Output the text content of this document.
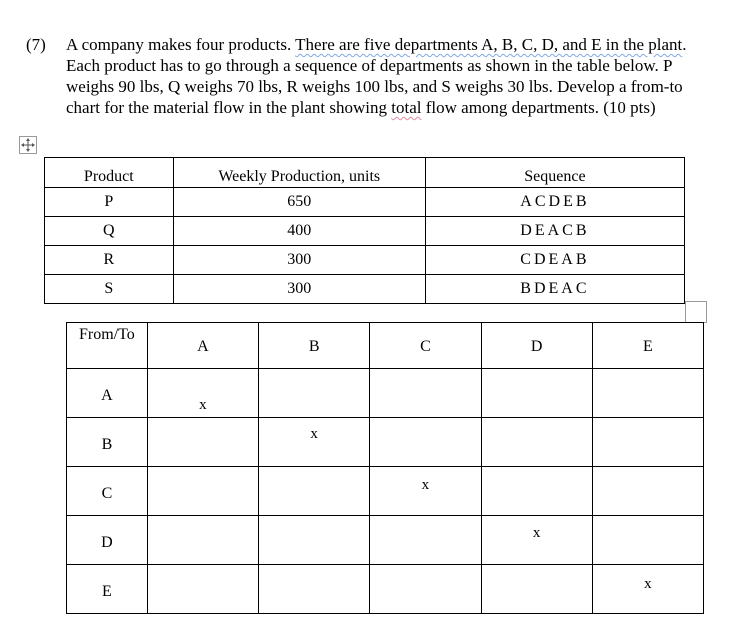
(7) A company makes four products. There are five departments A, B, C, D, and E in the plant. Each product has to go through a sequence of departments as shown in the table below. P weighs 90 lbs, Q weighs 70 lbs, R weighs 100 lbs, and S weighs 30 lbs. Develop a from-to chart for the material flow in the plant showing total flow among departments. (10 pts)
Product	Weekly Production, units	Sequence
P	650	ACDEB
Q	400	DEACB
R	300	CDEAB
S	300	BDEAC
From/To	A	B	C	D	E
A	x				
B		x			
C			x		
D				x	
E					x
